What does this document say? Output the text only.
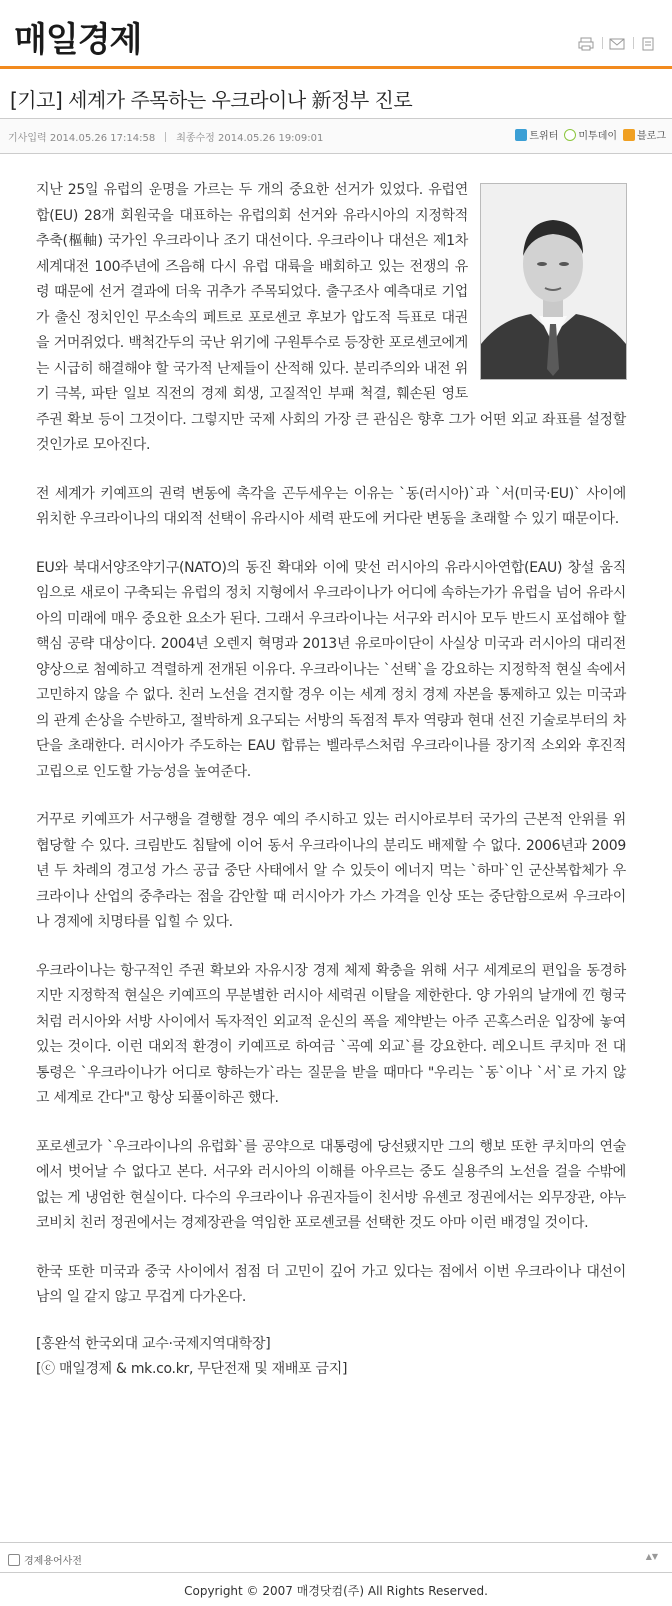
매일경제
[기고] 세계가 주목하는 우크라이나 新정부 진로
기사입력 2014.05.26 17:14:58 최종수정 2014.05.26 19:09:01	트위터 미투데이 블로그

지난 25일 유럽의 운명을 가르는 두 개의 중요한 선거가 있었다. 유럽연합(EU) 28개 회원국을 대표하는 유럽의회 선거와 유라시아의 지정학적 추축(樞軸) 국가인 우크라이나 조기 대선이다. 우크라이나 대선은 제1차 세계대전 100주년에 즈음해 다시 유럽 대륙을 배회하고 있는 전쟁의 유령 때문에 선거 결과에 더욱 귀추가 주목되었다. 출구조사 예측대로 기업가 출신 정치인인 무소속의 페트로 포로셴코 후보가 압도적 득표로 대권을 거머쥐었다. 백척간두의 국난 위기에 구원투수로 등장한 포로셴코에게는 시급히 해결해야 할 국가적 난제들이 산적해 있다. 분리주의와 내전 위기 극복, 파탄 일보 직전의 경제 회생, 고질적인 부패 척결, 훼손된 영토 주권 확보 등이 그것이다. 그렇지만 국제 사회의 가장 큰 관심은 향후 그가 어떤 외교 좌표를 설정할 것인가로 모아진다.

전 세계가 키예프의 권력 변동에 촉각을 곤두세우는 이유는 `동(러시아)`과 `서(미국·EU)` 사이에 위치한 우크라이나의 대외적 선택이 유라시아 세력 판도에 커다란 변동을 초래할 수 있기 때문이다.

EU와 북대서양조약기구(NATO)의 동진 확대와 이에 맞선 러시아의 유라시아연합(EAU) 창설 움직임으로 새로이 구축되는 유럽의 정치 지형에서 우크라이나가 어디에 속하는가가 유럽을 넘어 유라시아의 미래에 매우 중요한 요소가 된다. 그래서 우크라이나는 서구와 러시아 모두 반드시 포섭해야 할 핵심 공략 대상이다. 2004년 오렌지 혁명과 2013년 유로마이단이 사실상 미국과 러시아의 대리전 양상으로 첨예하고 격렬하게 전개된 이유다. 우크라이나는 `선택`을 강요하는 지정학적 현실 속에서 고민하지 않을 수 없다. 친러 노선을 견지할 경우 이는 세계 정치 경제 자본을 통제하고 있는 미국과의 관계 손상을 수반하고, 절박하게 요구되는 서방의 독점적 투자 역량과 현대 선진 기술로부터의 차단을 초래한다. 러시아가 주도하는 EAU 합류는 벨라루스처럼 우크라이나를 장기적 소외와 후진적 고립으로 인도할 가능성을 높여준다.

거꾸로 키예프가 서구행을 결행할 경우 예의 주시하고 있는 러시아로부터 국가의 근본적 안위를 위협당할 수 있다. 크림반도 침탈에 이어 동서 우크라이나의 분리도 배제할 수 없다. 2006년과 2009년 두 차례의 경고성 가스 공급 중단 사태에서 알 수 있듯이 에너지 먹는 `하마`인 군산복합체가 우크라이나 산업의 중추라는 점을 감안할 때 러시아가 가스 가격을 인상 또는 중단함으로써 우크라이나 경제에 치명타를 입힐 수 있다.

우크라이나는 항구적인 주권 확보와 자유시장 경제 체제 확충을 위해 서구 세계로의 편입을 동경하지만 지정학적 현실은 키예프의 무분별한 러시아 세력권 이탈을 제한한다. 양 가위의 날개에 낀 형국처럼 러시아와 서방 사이에서 독자적인 외교적 운신의 폭을 제약받는 아주 곤혹스러운 입장에 놓여 있는 것이다. 이런 대외적 환경이 키예프로 하여금 `곡예 외교`를 강요한다. 레오니트 쿠치마 전 대통령은 `우크라이나가 어디로 향하는가`라는 질문을 받을 때마다 "우리는 `동`이나 `서`로 가지 않고 세계로 간다"고 항상 되풀이하곤 했다.

포로셴코가 `우크라이나의 유럽화`를 공약으로 대통령에 당선됐지만 그의 행보 또한 쿠치마의 연술에서 벗어날 수 없다고 본다. 서구와 러시아의 이해를 아우르는 중도 실용주의 노선을 걸을 수밖에 없는 게 냉엄한 현실이다. 다수의 우크라이나 유권자들이 친서방 유셴코 정권에서는 외무장관, 야누코비치 친러 정권에서는 경제장관을 역임한 포로셴코를 선택한 것도 아마 이런 배경일 것이다.

한국 또한 미국과 중국 사이에서 점점 더 고민이 깊어 가고 있다는 점에서 이번 우크라이나 대선이 남의 일 같지 않고 무겁게 다가온다.

[홍완석 한국외대 교수·국제지역대학장]
[ⓒ 매일경제 & mk.co.kr, 무단전재 및 재배포 금지]
경제용어사전	▲▼
Copyright © 2007 매경닷컴(주) All Rights Reserved.
